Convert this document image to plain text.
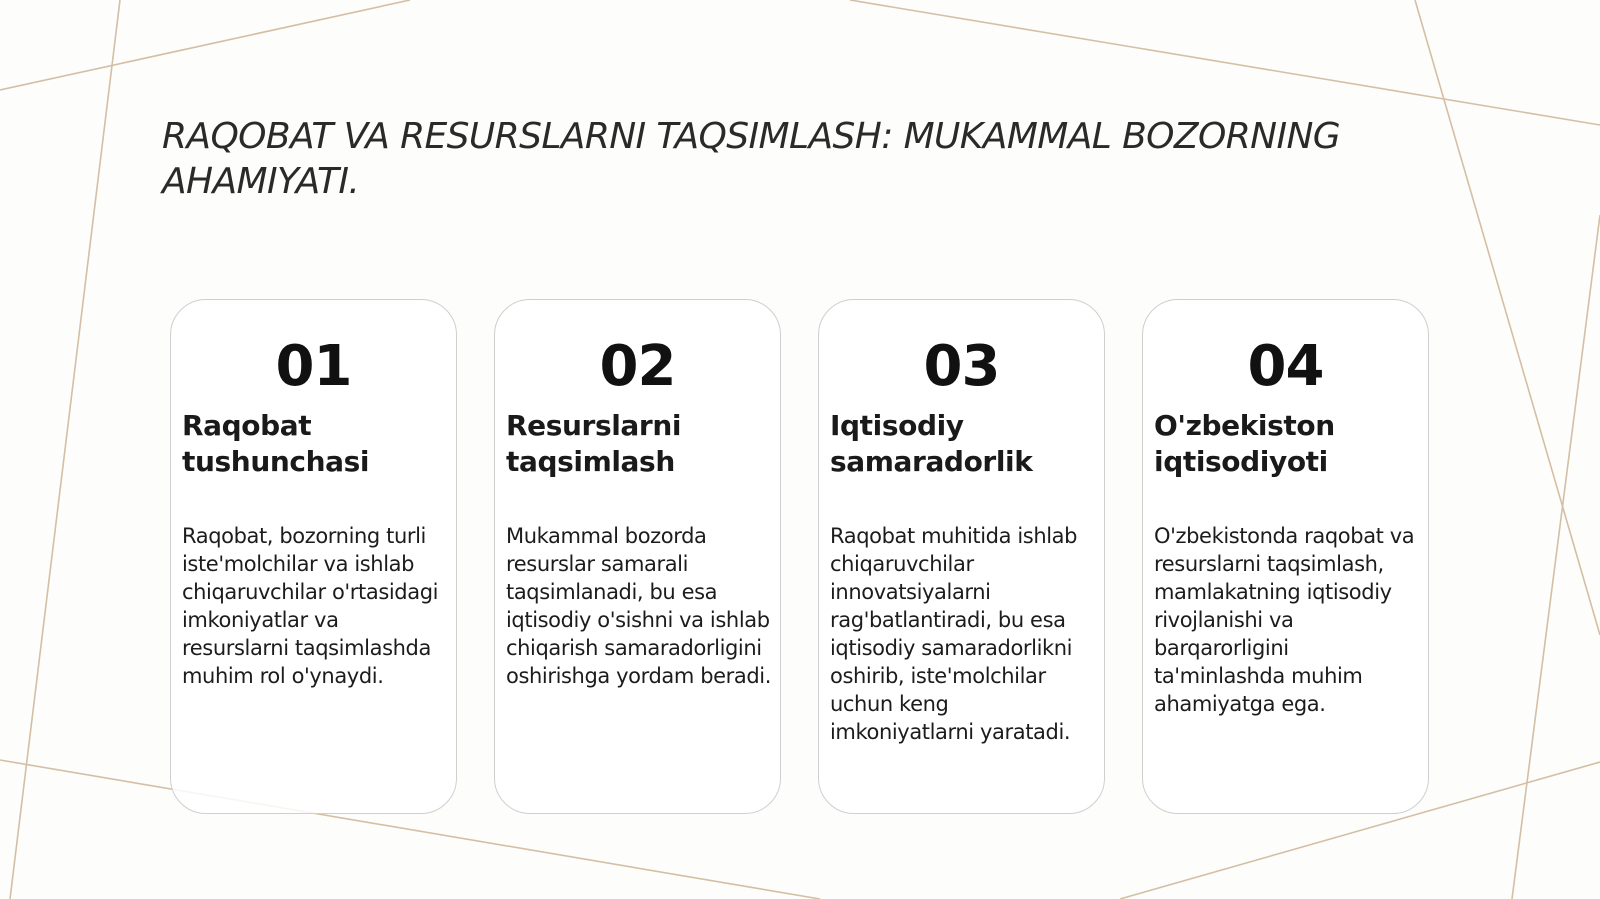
RAQOBAT VA RESURSLARNI TAQSIMLASH: MUKAMMAL BOZORNING AHAMIYATI.
01
Raqobat tushunchasi

Raqobat, bozorning turli iste'molchilar va ishlab chiqaruvchilar o'rtasidagi imkoniyatlar va resurslarni taqsimlashda muhim rol o'ynaydi.

02
Resurslarni taqsimlash

Mukammal bozorda resurslar samarali taqsimlanadi, bu esa iqtisodiy o'sishni va ishlab chiqarish samaradorligini oshirishga yordam beradi.

03
Iqtisodiy samaradorlik

Raqobat muhitida ishlab chiqaruvchilar innovatsiyalarni rag'batlantiradi, bu esa iqtisodiy samaradorlikni oshirib, iste'molchilar uchun keng imkoniyatlarni yaratadi.

04
O'zbekiston iqtisodiyoti

O'zbekistonda raqobat va resurslarni taqsimlash, mamlakatning iqtisodiy rivojlanishi va barqarorligini ta'minlashda muhim ahamiyatga ega.
